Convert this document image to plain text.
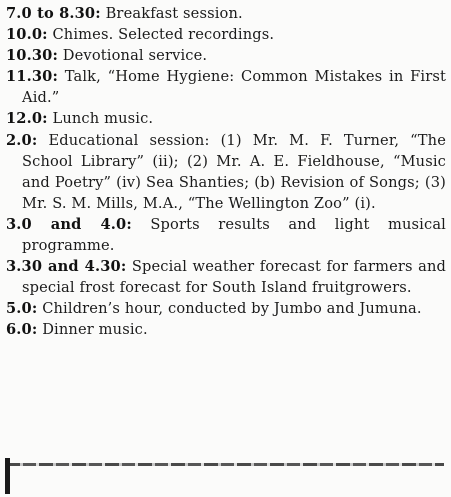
7.0 to 8.30: Breakfast session.

10.0: Chimes. Selected recordings.

10.30: Devotional service.

11.30: Talk, “Home Hygiene: Common Mistakes in First Aid.”

12.0: Lunch music.

2.0: Educational session: (1) Mr. M. F. Turner, “The School Library” (ii); (2) Mr. A. E. Fieldhouse, “Music and Poetry” (iv) Sea Shanties; (b) Revision of Songs; (3) Mr. S. M. Mills, M.A., “The Wellington Zoo” (i).

3.0 and 4.0: Sports results and light musical programme.

3.30 and 4.30: Special weather forecast for farmers and special frost forecast for South Island fruitgrowers.

5.0: Children’s hour, conducted by Jumbo and Jumuna.

6.0: Dinner music.
